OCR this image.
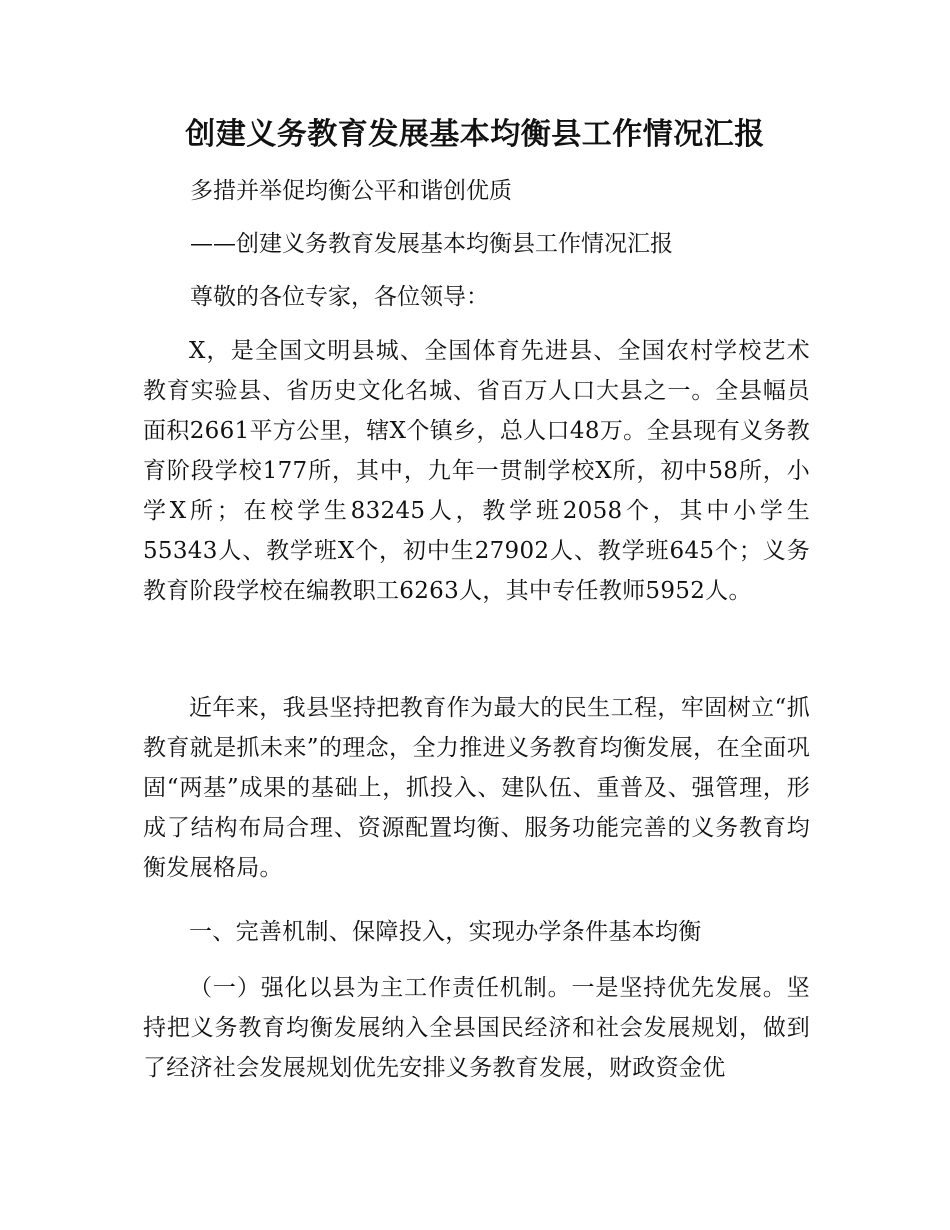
创建义务教育发展基本均衡县工作情况汇报

多措并举促均衡公平和谐创优质

——创建义务教育发展基本均衡县工作情况汇报

尊敬的各位专家，各位领导：

X，是全国文明县城、全国体育先进县、全国农村学校艺术教育实验县、省历史文化名城、省百万人口大县之一。全县幅员面积2661平方公里，辖X个镇乡，总人口48万。全县现有义务教育阶段学校177所，其中，九年一贯制学校X所，初中58所，小学X所；在校学生83245人，教学班2058个，其中小学生55343人、教学班X个，初中生27902人、教学班645个；义务教育阶段学校在编教职工6263人，其中专任教师5952人。

近年来，我县坚持把教育作为最大的民生工程，牢固树立“抓教育就是抓未来”的理念，全力推进义务教育均衡发展，在全面巩固“两基”成果的基础上，抓投入、建队伍、重普及、强管理，形成了结构布局合理、资源配置均衡、服务功能完善的义务教育均衡发展格局。

一、完善机制、保障投入，实现办学条件基本均衡

（一）强化以县为主工作责任机制。一是坚持优先发展。坚持把义务教育均衡发展纳入全县国民经济和社会发展规划，做到了经济社会发展规划优先安排义务教育发展，财政资金优
